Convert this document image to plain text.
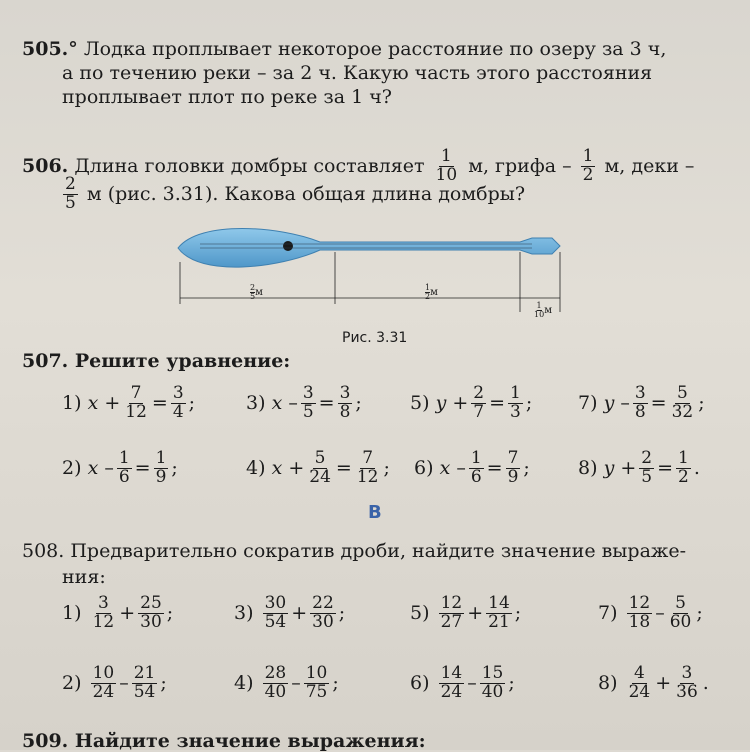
505.° Лодка проплывает некоторое расстояние по озеру за 3 ч,
а по течению реки – за 2 ч. Какую часть этого расстояния
проплывает плот по реке за 1 ч?
506.
Длина головки домбры составляет
$\frac{1}{10}$
м, грифа –
$\frac{1}{2}$
м, деки –
$\frac{2}{5}$
м (рис. 3.31). Какова общая длина домбры?
$\frac{2}{5}$ м	$\frac{1}{2}$ м
$\frac{1}{10}$ м
Рис. 3.31
507. Решите уравнение:
1)
x
+ $\frac{7}{12} = \frac{3}{4}$ ;	3)
x
– $\frac{3}{5} = \frac{3}{8}$ ;	5)
y
+ $\frac{2}{7} = \frac{1}{3}$ ; 7)
y
– $\frac{3}{8} = \frac{5}{32}$ ;
2)
x
– $\frac{1}{6} = \frac{1}{9}$ ;	4)
x
+ $\frac{5}{24} = \frac{7}{12}$ ; 6)
x
– $\frac{1}{6} = \frac{7}{9}$ ;	8)
y
+ $\frac{2}{5} = \frac{1}{2}$ .
B
508. Предварительно сократив дроби, найдите значение выраже-
ния:
1)
$\frac{3}{12} + \frac{25}{30}$ ;	3)
$\frac{30}{54} + \frac{22}{30}$ ;	5)
$\frac{12}{27} + \frac{14}{21}$ ;	7)
$\frac{12}{18} - \frac{5}{60}$ ;
2)
$\frac{10}{24} - \frac{21}{54}$ ;	4)
$\frac{28}{40} - \frac{10}{75}$ ;	6)
$\frac{14}{24} - \frac{15}{40}$ ;	8)
$\frac{4}{24} + \frac{3}{36}$ .
509. Найдите значение выражения:
